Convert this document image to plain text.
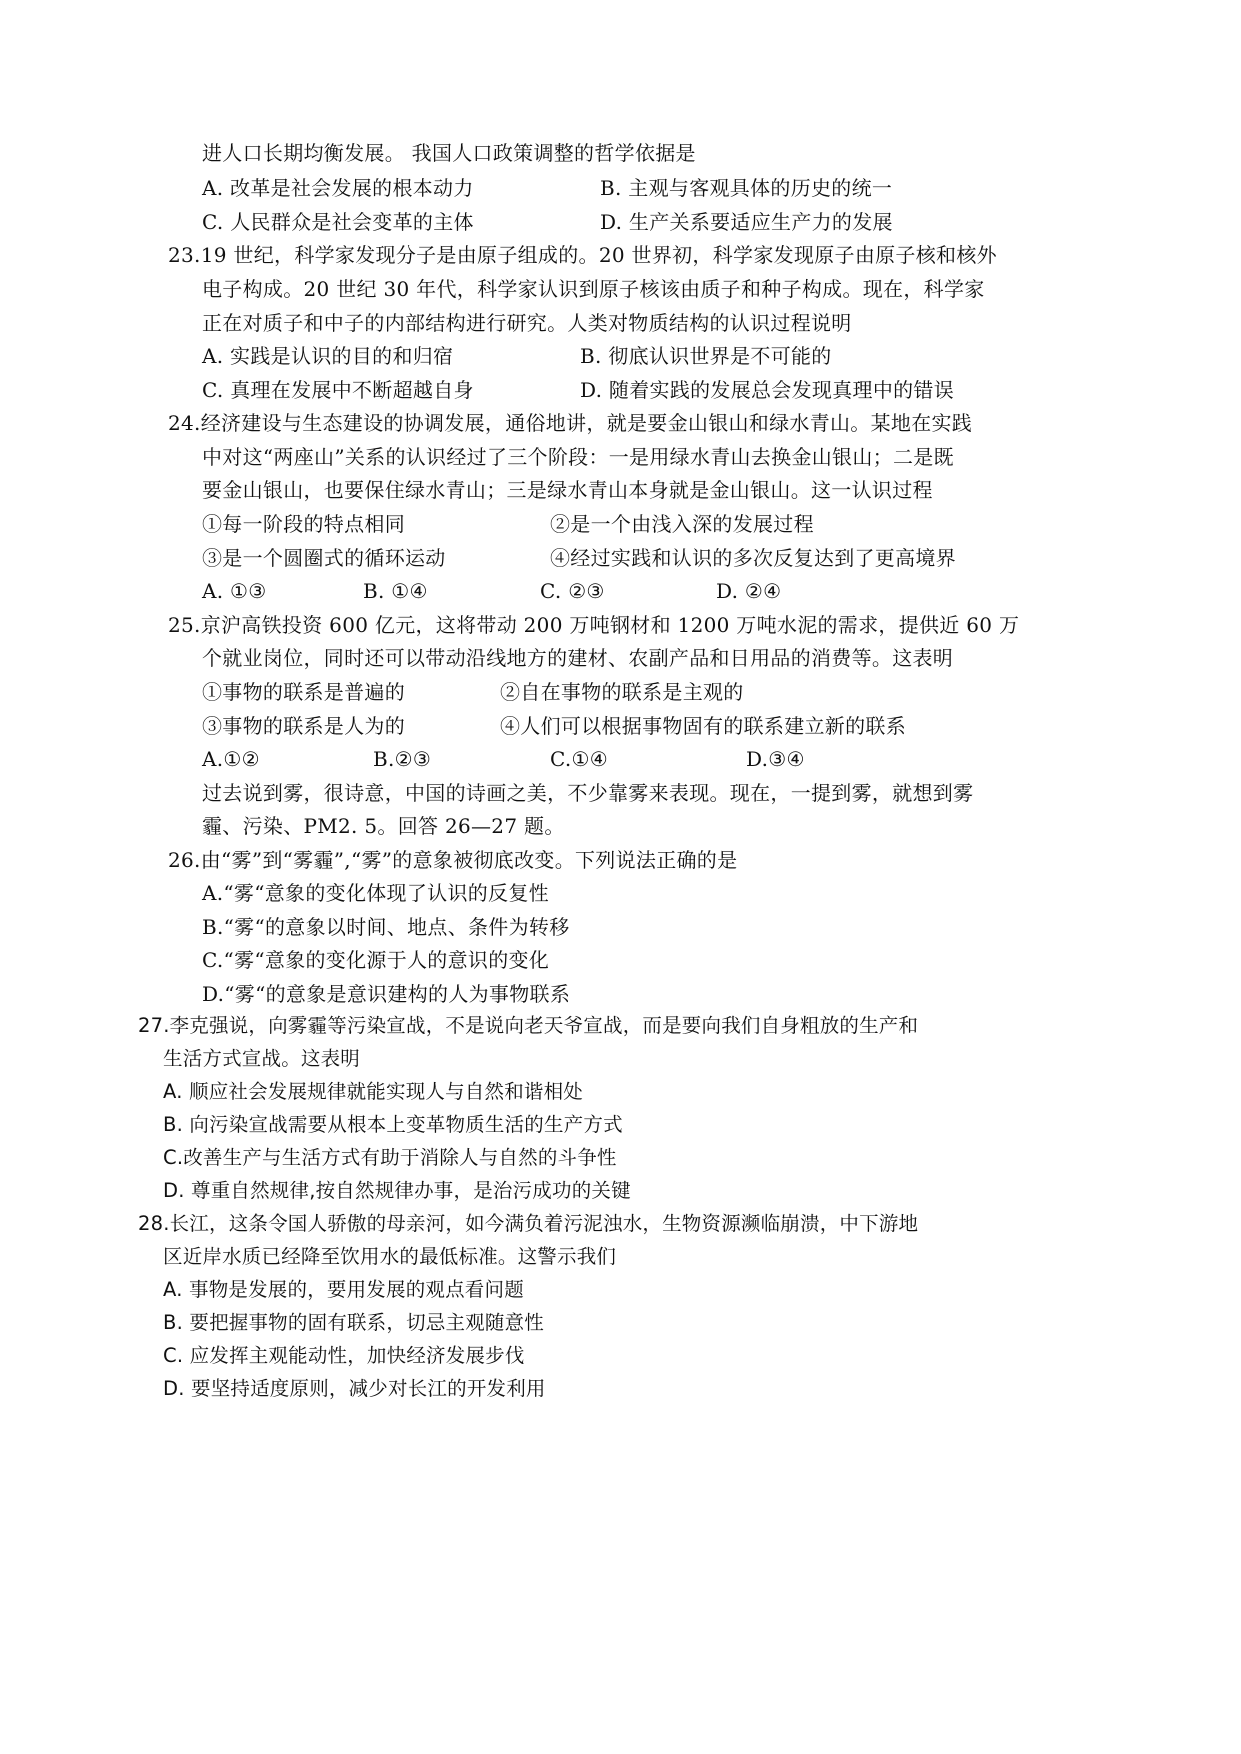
进人口长期均衡发展。 我国人口政策调整的哲学依据是
A. 改革是社会发展的根本动力	B. 主观与客观具体的历史的统一
C. 人民群众是社会变革的主体	D. 生产关系要适应生产力的发展
23.19 世纪，科学家发现分子是由原子组成的。20 世界初，科学家发现原子由原子核和核外
电子构成。20 世纪 30 年代，科学家认识到原子核该由质子和种子构成。现在，科学家
正在对质子和中子的内部结构进行研究。人类对物质结构的认识过程说明
A. 实践是认识的目的和归宿	B. 彻底认识世界是不可能的
C. 真理在发展中不断超越自身	D. 随着实践的发展总会发现真理中的错误
24.经济建设与生态建设的协调发展，通俗地讲，就是要金山银山和绿水青山。某地在实践
中对这“两座山”关系的认识经过了三个阶段：一是用绿水青山去换金山银山；二是既
要金山银山，也要保住绿水青山；三是绿水青山本身就是金山银山。这一认识过程
①每一阶段的特点相同	②是一个由浅入深的发展过程
③是一个圆圈式的循环运动	④经过实践和认识的多次反复达到了更高境界
A. ①③	B. ①④	C. ②③	D. ②④
25.京沪高铁投资 600 亿元，这将带动 200 万吨钢材和 1200 万吨水泥的需求，提供近 60 万
个就业岗位，同时还可以带动沿线地方的建材、农副产品和日用品的消费等。这表明
①事物的联系是普遍的	②自在事物的联系是主观的
③事物的联系是人为的	④人们可以根据事物固有的联系建立新的联系
A.①②	B.②③	C.①④	D.③④
过去说到雾，很诗意，中国的诗画之美，不少靠雾来表现。现在，一提到雾，就想到雾
霾、污染、PM2. 5。回答 26—27 题。
26.由“雾”到“雾霾”,“雾”的意象被彻底改变。下列说法正确的是
A.“雾“意象的变化体现了认识的反复性
B.“雾“的意象以时间、地点、条件为转移
C.“雾“意象的变化源于人的意识的变化
D.“雾“的意象是意识建构的人为事物联系
27.李克强说，向雾霾等污染宣战，不是说向老天爷宣战，而是要向我们自身粗放的生产和
生活方式宣战。这表明
A. 顺应社会发展规律就能实现人与自然和谐相处
B. 向污染宣战需要从根本上变革物质生活的生产方式
C.改善生产与生活方式有助于消除人与自然的斗争性
D. 尊重自然规律,按自然规律办事，是治污成功的关键
28.长江，这条令国人骄傲的母亲河，如今满负着污泥浊水，生物资源濒临崩溃，中下游地
区近岸水质已经降至饮用水的最低标准。这警示我们
A. 事物是发展的，要用发展的观点看问题
B. 要把握事物的固有联系，切忌主观随意性
C. 应发挥主观能动性，加快经济发展步伐
D. 要坚持适度原则，减少对长江的开发利用
